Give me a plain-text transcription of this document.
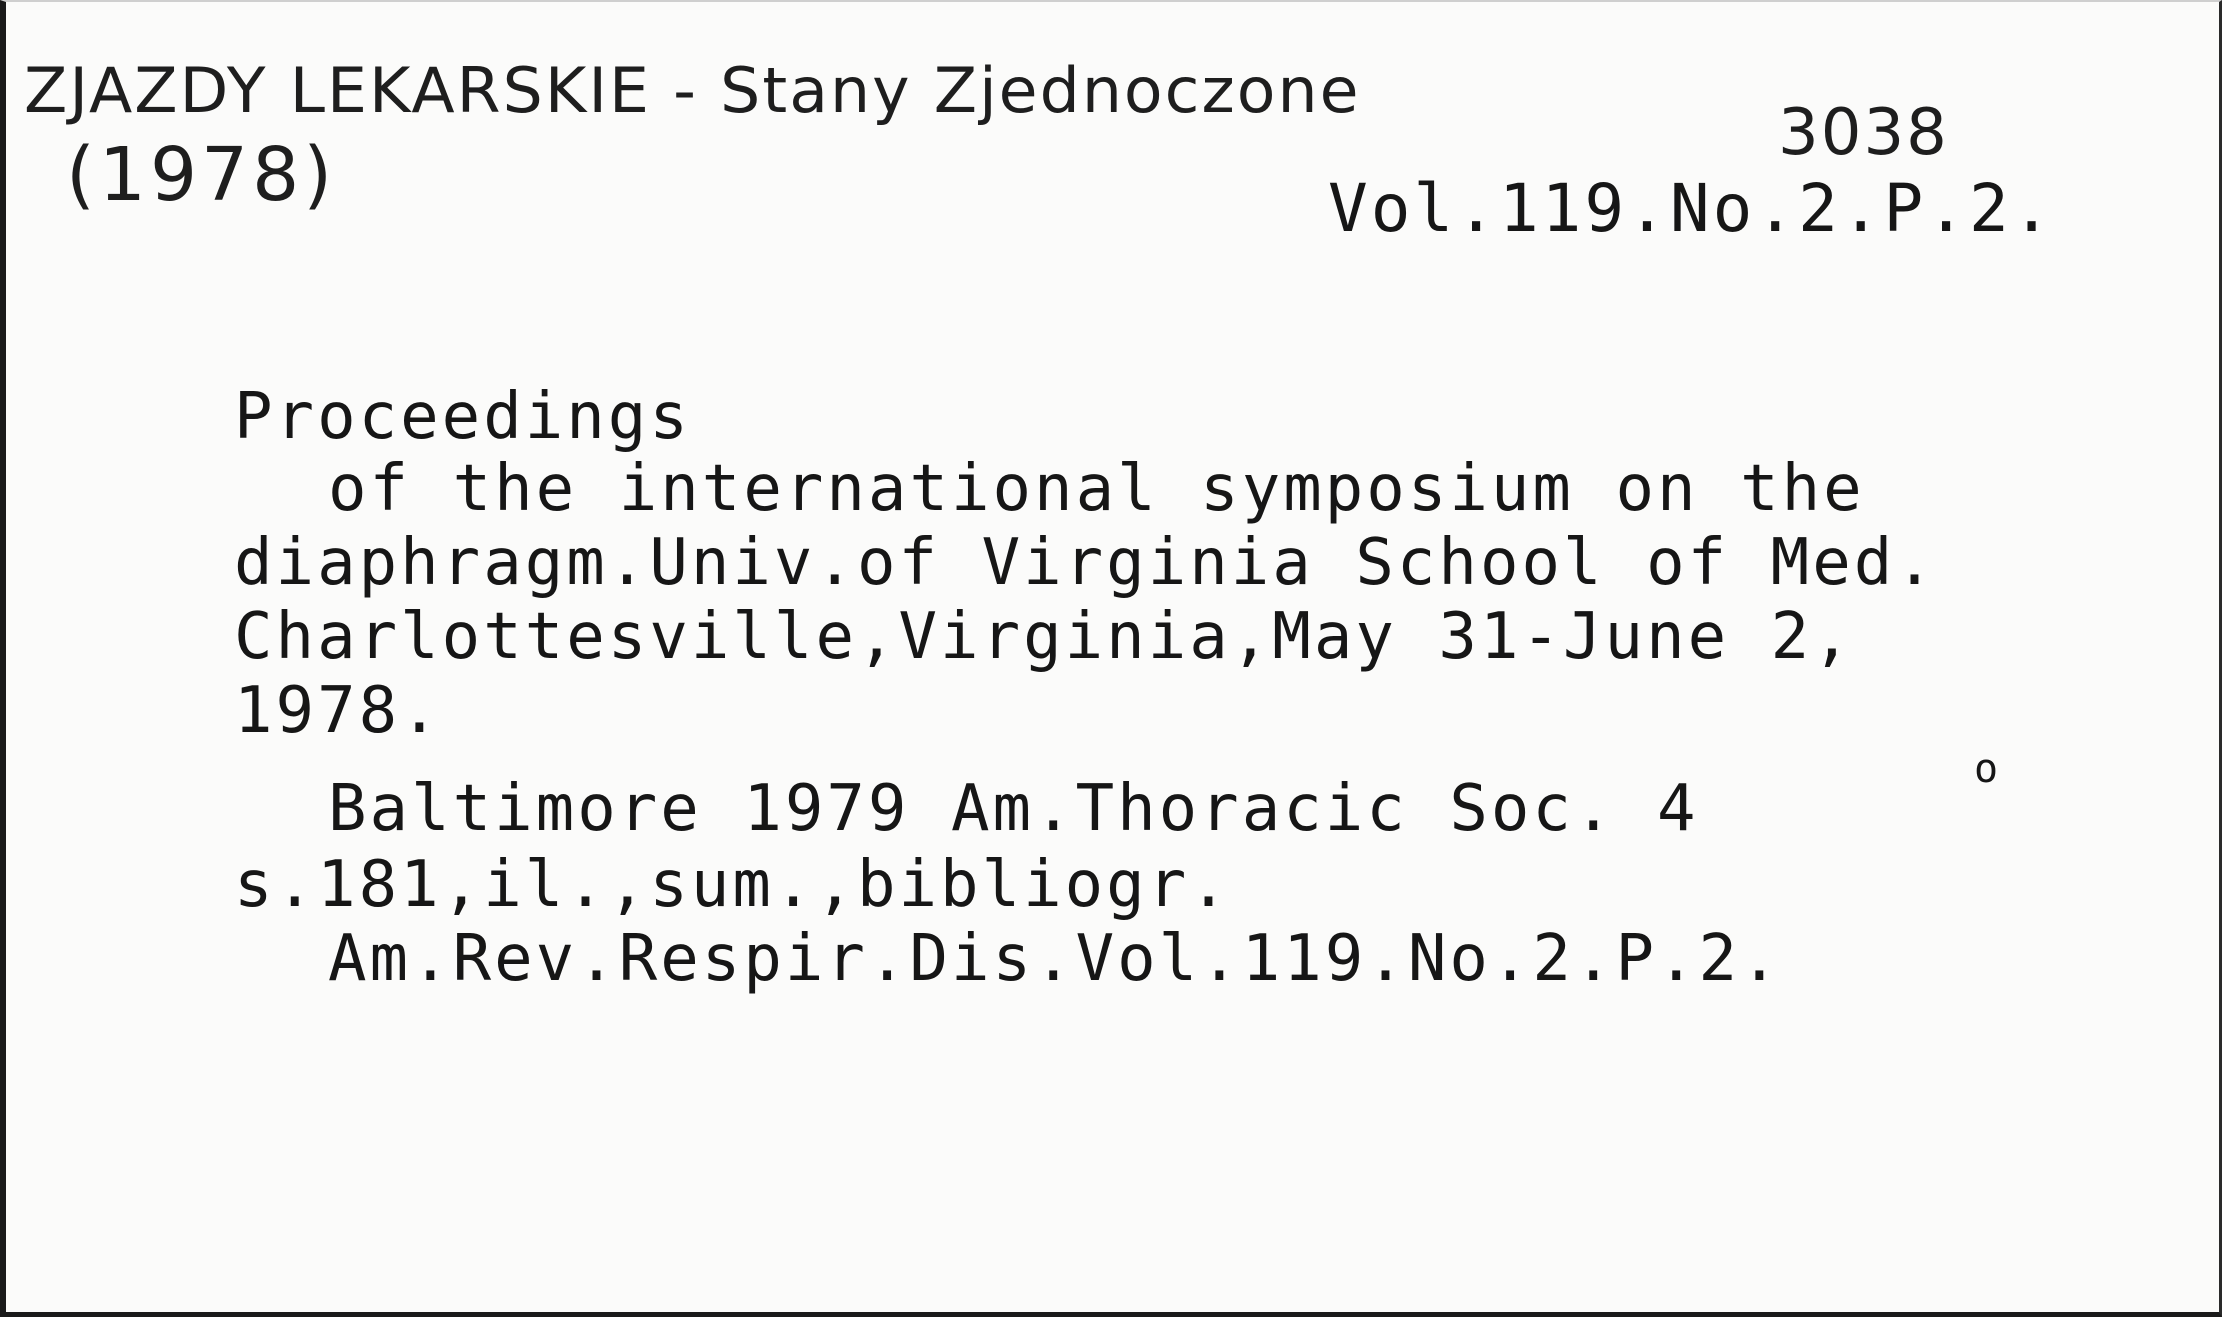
ZJAZDY LEKARSKIE - Stany Zjednoczone
(1978)	3038
Vol.119.No.2.P.2.
Proceedings
of the international symposium on the
diaphragm.Univ.of Virginia School of Med.
Charlottesville,Virginia,May 31-June 2,
1978.
Baltimore 1979 Am.Thoracic Soc. 4
o
s.181,il.,sum.,bibliogr.
Am.Rev.Respir.Dis.Vol.119.No.2.P.2.
